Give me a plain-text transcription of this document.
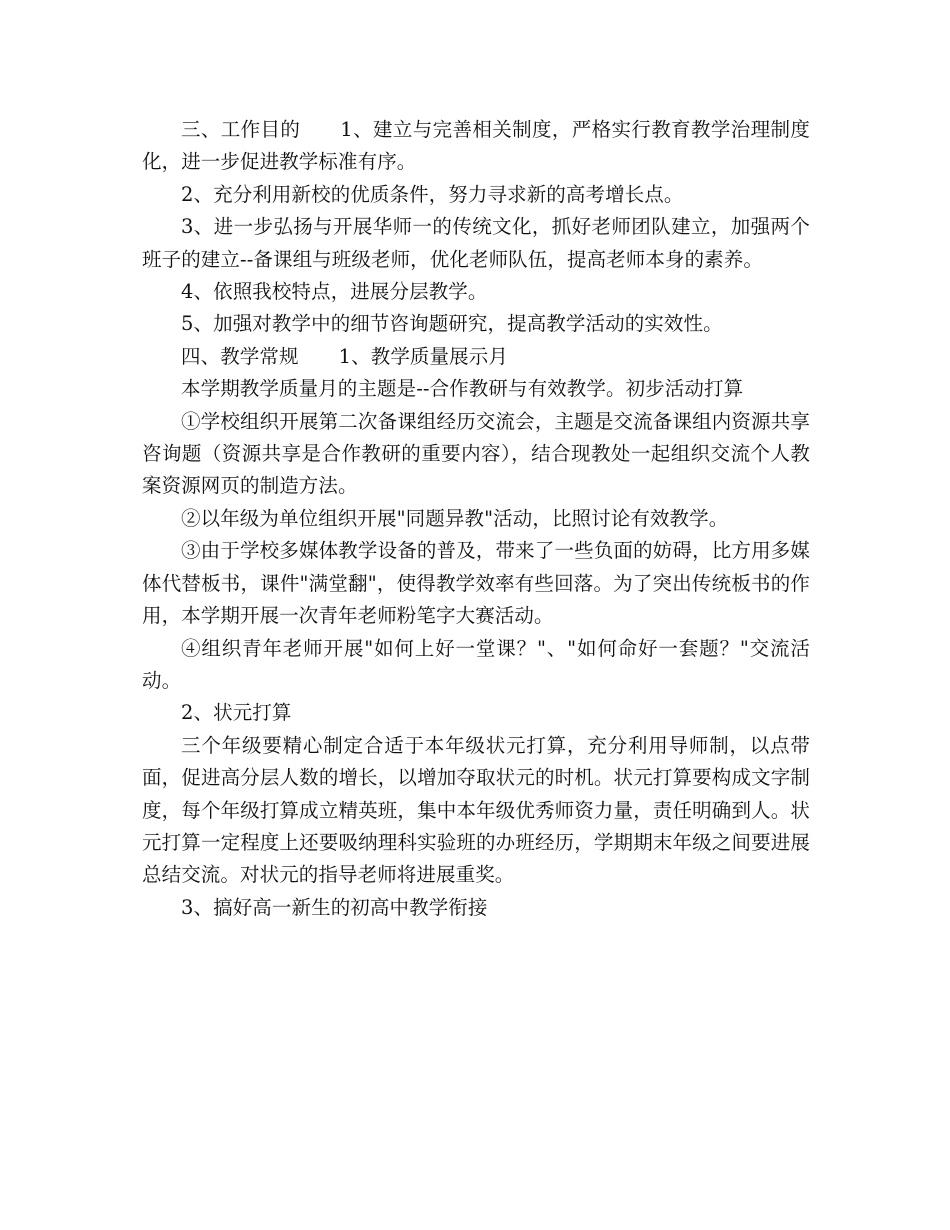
三、工作目的 1、建立与完善相关制度，严格实行教育教学治理制度化，进一步促进教学标准有序。

2、充分利用新校的优质条件，努力寻求新的高考增长点。

3、进一步弘扬与开展华师一的传统文化，抓好老师团队建立，加强两个班子的建立--备课组与班级老师，优化老师队伍，提高老师本身的素养。

4、依照我校特点，进展分层教学。

5、加强对教学中的细节咨询题研究，提高教学活动的实效性。

四、教学常规 1、教学质量展示月

本学期教学质量月的主题是--合作教研与有效教学。初步活动打算

①学校组织开展第二次备课组经历交流会，主题是交流备课组内资源共享咨询题（资源共享是合作教研的重要内容），结合现教处一起组织交流个人教案资源网页的制造方法。

②以年级为单位组织开展"同题异教"活动，比照讨论有效教学。

③由于学校多媒体教学设备的普及，带来了一些负面的妨碍，比方用多媒体代替板书，课件"满堂翻"，使得教学效率有些回落。为了突出传统板书的作用，本学期开展一次青年老师粉笔字大赛活动。

④组织青年老师开展"如何上好一堂课？"、"如何命好一套题？"交流活动。

2、状元打算

三个年级要精心制定合适于本年级状元打算，充分利用导师制，以点带面，促进高分层人数的增长，以增加夺取状元的时机。状元打算要构成文字制度，每个年级打算成立精英班，集中本年级优秀师资力量，责任明确到人。状元打算一定程度上还要吸纳理科实验班的办班经历，学期期末年级之间要进展总结交流。对状元的指导老师将进展重奖。

3、搞好高一新生的初高中教学衔接
